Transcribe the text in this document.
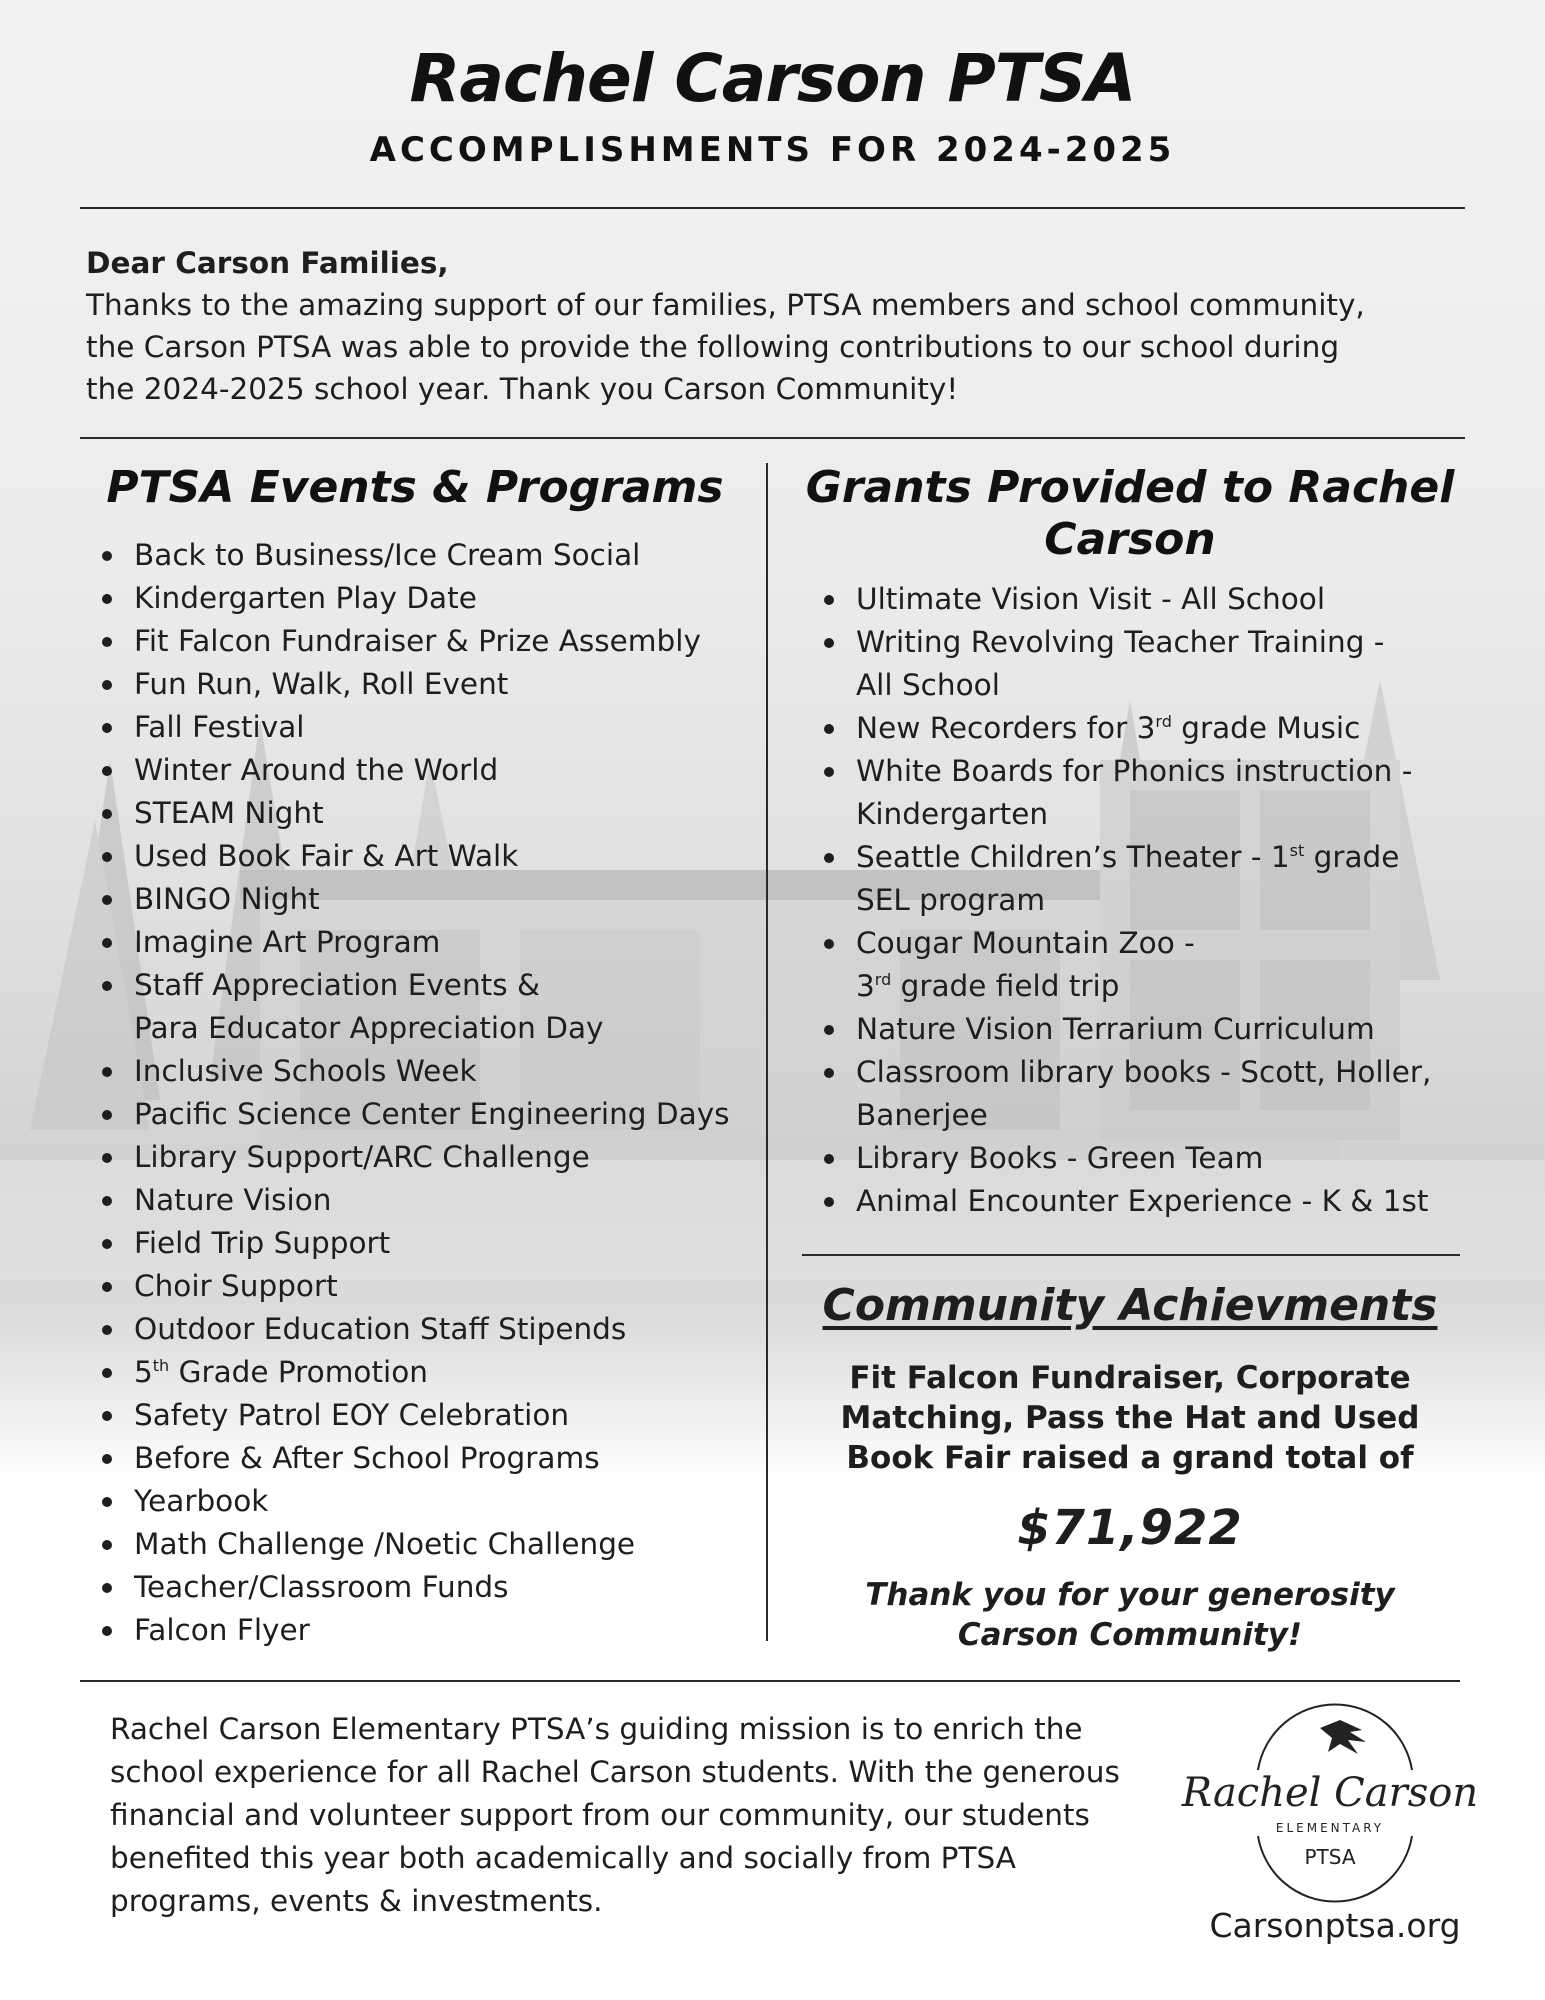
Rachel Carson PTSA
ACCOMPLISHMENTS FOR 2024-2025
Dear Carson Families,
Thanks to the amazing support of our families, PTSA members and school community,
the Carson PTSA was able to provide the following contributions to our school during
the 2024-2025 school year. Thank you Carson Community!
PTSA Events & Programs
Back to Business/Ice Cream Social
Kindergarten Play Date
Fit Falcon Fundraiser & Prize Assembly
Fun Run, Walk, Roll Event
Fall Festival
Winter Around the World
STEAM Night
Used Book Fair & Art Walk
BINGO Night
Imagine Art Program
Staff Appreciation Events &
Para Educator Appreciation Day
Inclusive Schools Week
Pacific Science Center Engineering Days
Library Support/ARC Challenge
Nature Vision
Field Trip Support
Choir Support
Outdoor Education Staff Stipends
5th Grade Promotion
Safety Patrol EOY Celebration
Before & After School Programs
Yearbook
Math Challenge /Noetic Challenge
Teacher/Classroom Funds
Falcon Flyer
Grants Provided to Rachel
Carson
Ultimate Vision Visit - All School
Writing Revolving Teacher Training -
All School
New Recorders for 3rd grade Music
White Boards for Phonics instruction -
Kindergarten
Seattle Children’s Theater - 1st grade
SEL program
Cougar Mountain Zoo -
3rd grade field trip
Nature Vision Terrarium Curriculum
Classroom library books - Scott, Holler,
Banerjee
Library Books - Green Team
Animal Encounter Experience - K & 1st
Community Achievments
Fit Falcon Fundraiser, Corporate
Matching, Pass the Hat and Used
Book Fair raised a grand total of
$71,922
Thank you for your generosity
Carson Community!
Rachel Carson Elementary PTSA’s guiding mission is to enrich the
school experience for all Rachel Carson students. With the generous
financial and volunteer support from our community, our students
benefited this year both academically and socially from PTSA
programs, events & investments.
Rachel Carson
ELEMENTARY
PTSA
Carsonptsa.org
